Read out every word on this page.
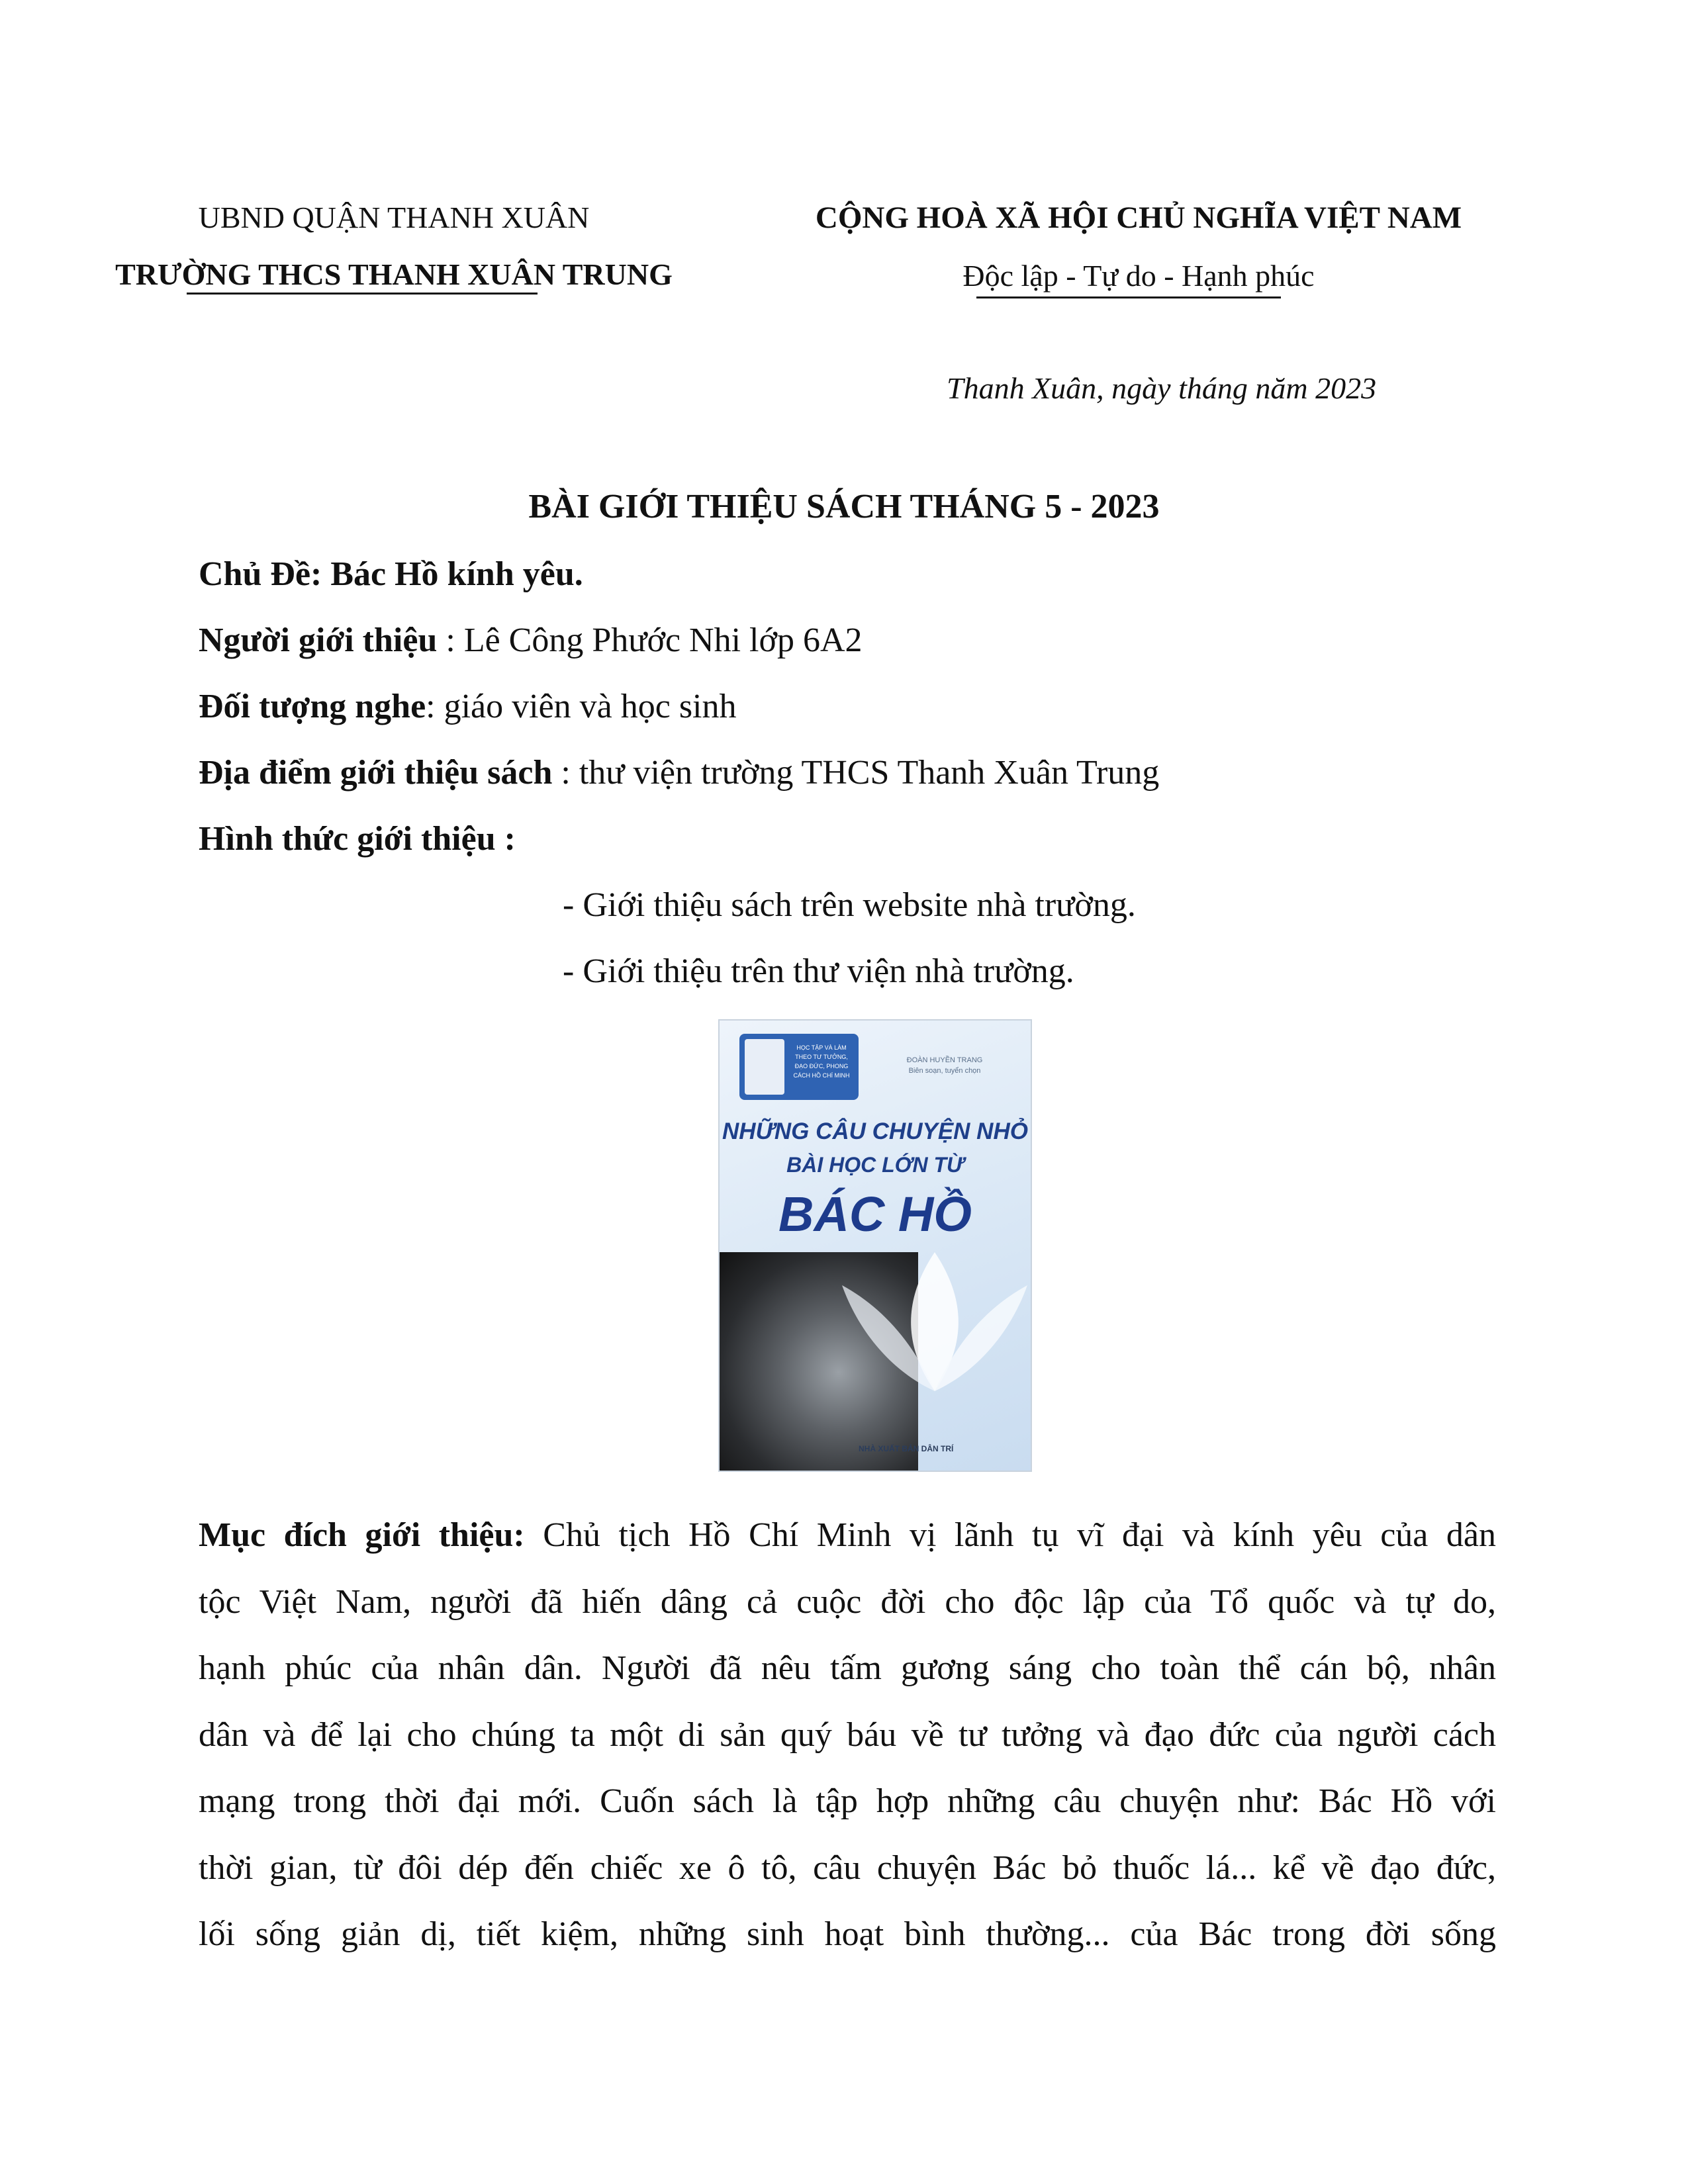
UBND QUẬN THANH XUÂN
TRƯỜNG THCS THANH XUÂN TRUNG
CỘNG HOÀ XÃ HỘI CHỦ NGHĨA VIỆT NAM
Độc lập - Tự do - Hạnh phúc
Thanh Xuân, ngày tháng năm 2023
BÀI GIỚI THIỆU SÁCH THÁNG 5 - 2023
Chủ Đề: Bác Hồ kính yêu.
Người giới thiệu : Lê Công Phước Nhi lớp 6A2
Đối tượng nghe: giáo viên và học sinh
Địa điểm giới thiệu sách : thư viện trường THCS Thanh Xuân Trung
Hình thức giới thiệu :
- Giới thiệu sách trên website nhà trường.
- Giới thiệu trên thư viện nhà trường.
HỌC TẬP VÀ LÀM THEO TƯ TƯỞNG, ĐẠO ĐỨC, PHONG CÁCH HỒ CHÍ MINH
ĐOÀN HUYỀN TRANG
Biên soạn, tuyển chọn
NHỮNG CÂU CHUYỆN NHỎ
BÀI HỌC LỚN TỪ
BÁC HỒ
NHÀ XUẤT BẢN DÂN TRÍ
Mục đích giới thiệu: Chủ tịch Hồ Chí Minh vị lãnh tụ vĩ đại và kính yêu của dân
tộc Việt Nam, người đã hiến dâng cả cuộc đời cho độc lập của Tổ quốc và tự do,
hạnh phúc của nhân dân. Người đã nêu tấm gương sáng cho toàn thể cán bộ, nhân
dân và để lại cho chúng ta một di sản quý báu về tư tưởng và đạo đức của người cách
mạng trong thời đại mới. Cuốn sách là tập hợp những câu chuyện như: Bác Hồ với
thời gian, từ đôi dép đến chiếc xe ô tô, câu chuyện Bác bỏ thuốc lá... kể về đạo đức,
lối sống giản dị, tiết kiệm, những sinh hoạt bình thường... của Bác trong đời sống
